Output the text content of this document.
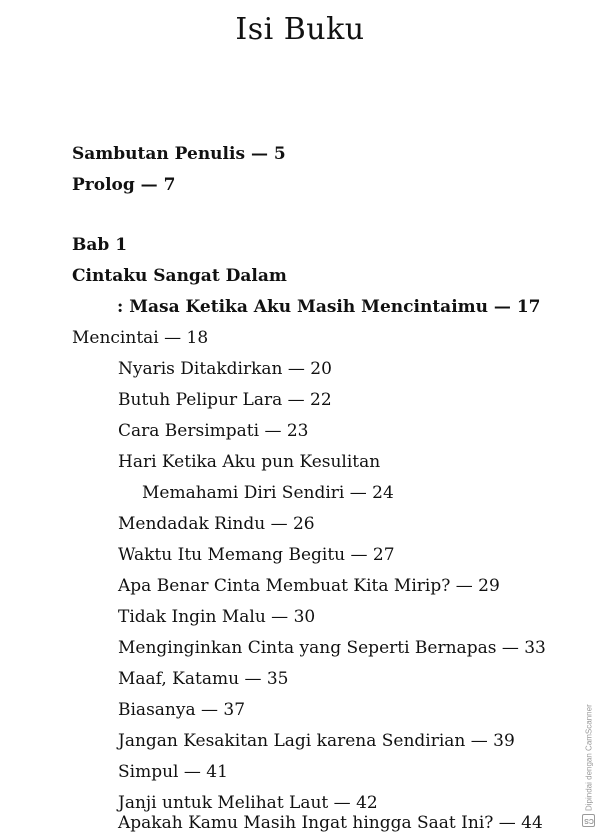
Isi Buku
Sambutan Penulis — 5
Prolog — 7
Bab 1
Cintaku Sangat Dalam
: Masa Ketika Aku Masih Mencintaimu — 17
Mencintai — 18
Nyaris Ditakdirkan — 20
Butuh Pelipur Lara — 22
Cara Bersimpati — 23
Hari Ketika Aku pun Kesulitan
Memahami Diri Sendiri — 24
Mendadak Rindu — 26
Waktu Itu Memang Begitu — 27
Apa Benar Cinta Membuat Kita Mirip? — 29
Tidak Ingin Malu — 30
Menginginkan Cinta yang Seperti Bernapas — 33
Maaf, Katamu — 35
Biasanya — 37
Jangan Kesakitan Lagi karena Sendirian — 39
Simpul — 41
Janji untuk Melihat Laut — 42
Apakah Kamu Masih Ingat hingga Saat Ini? — 44	CS
Dipindai dengan CamScanner
